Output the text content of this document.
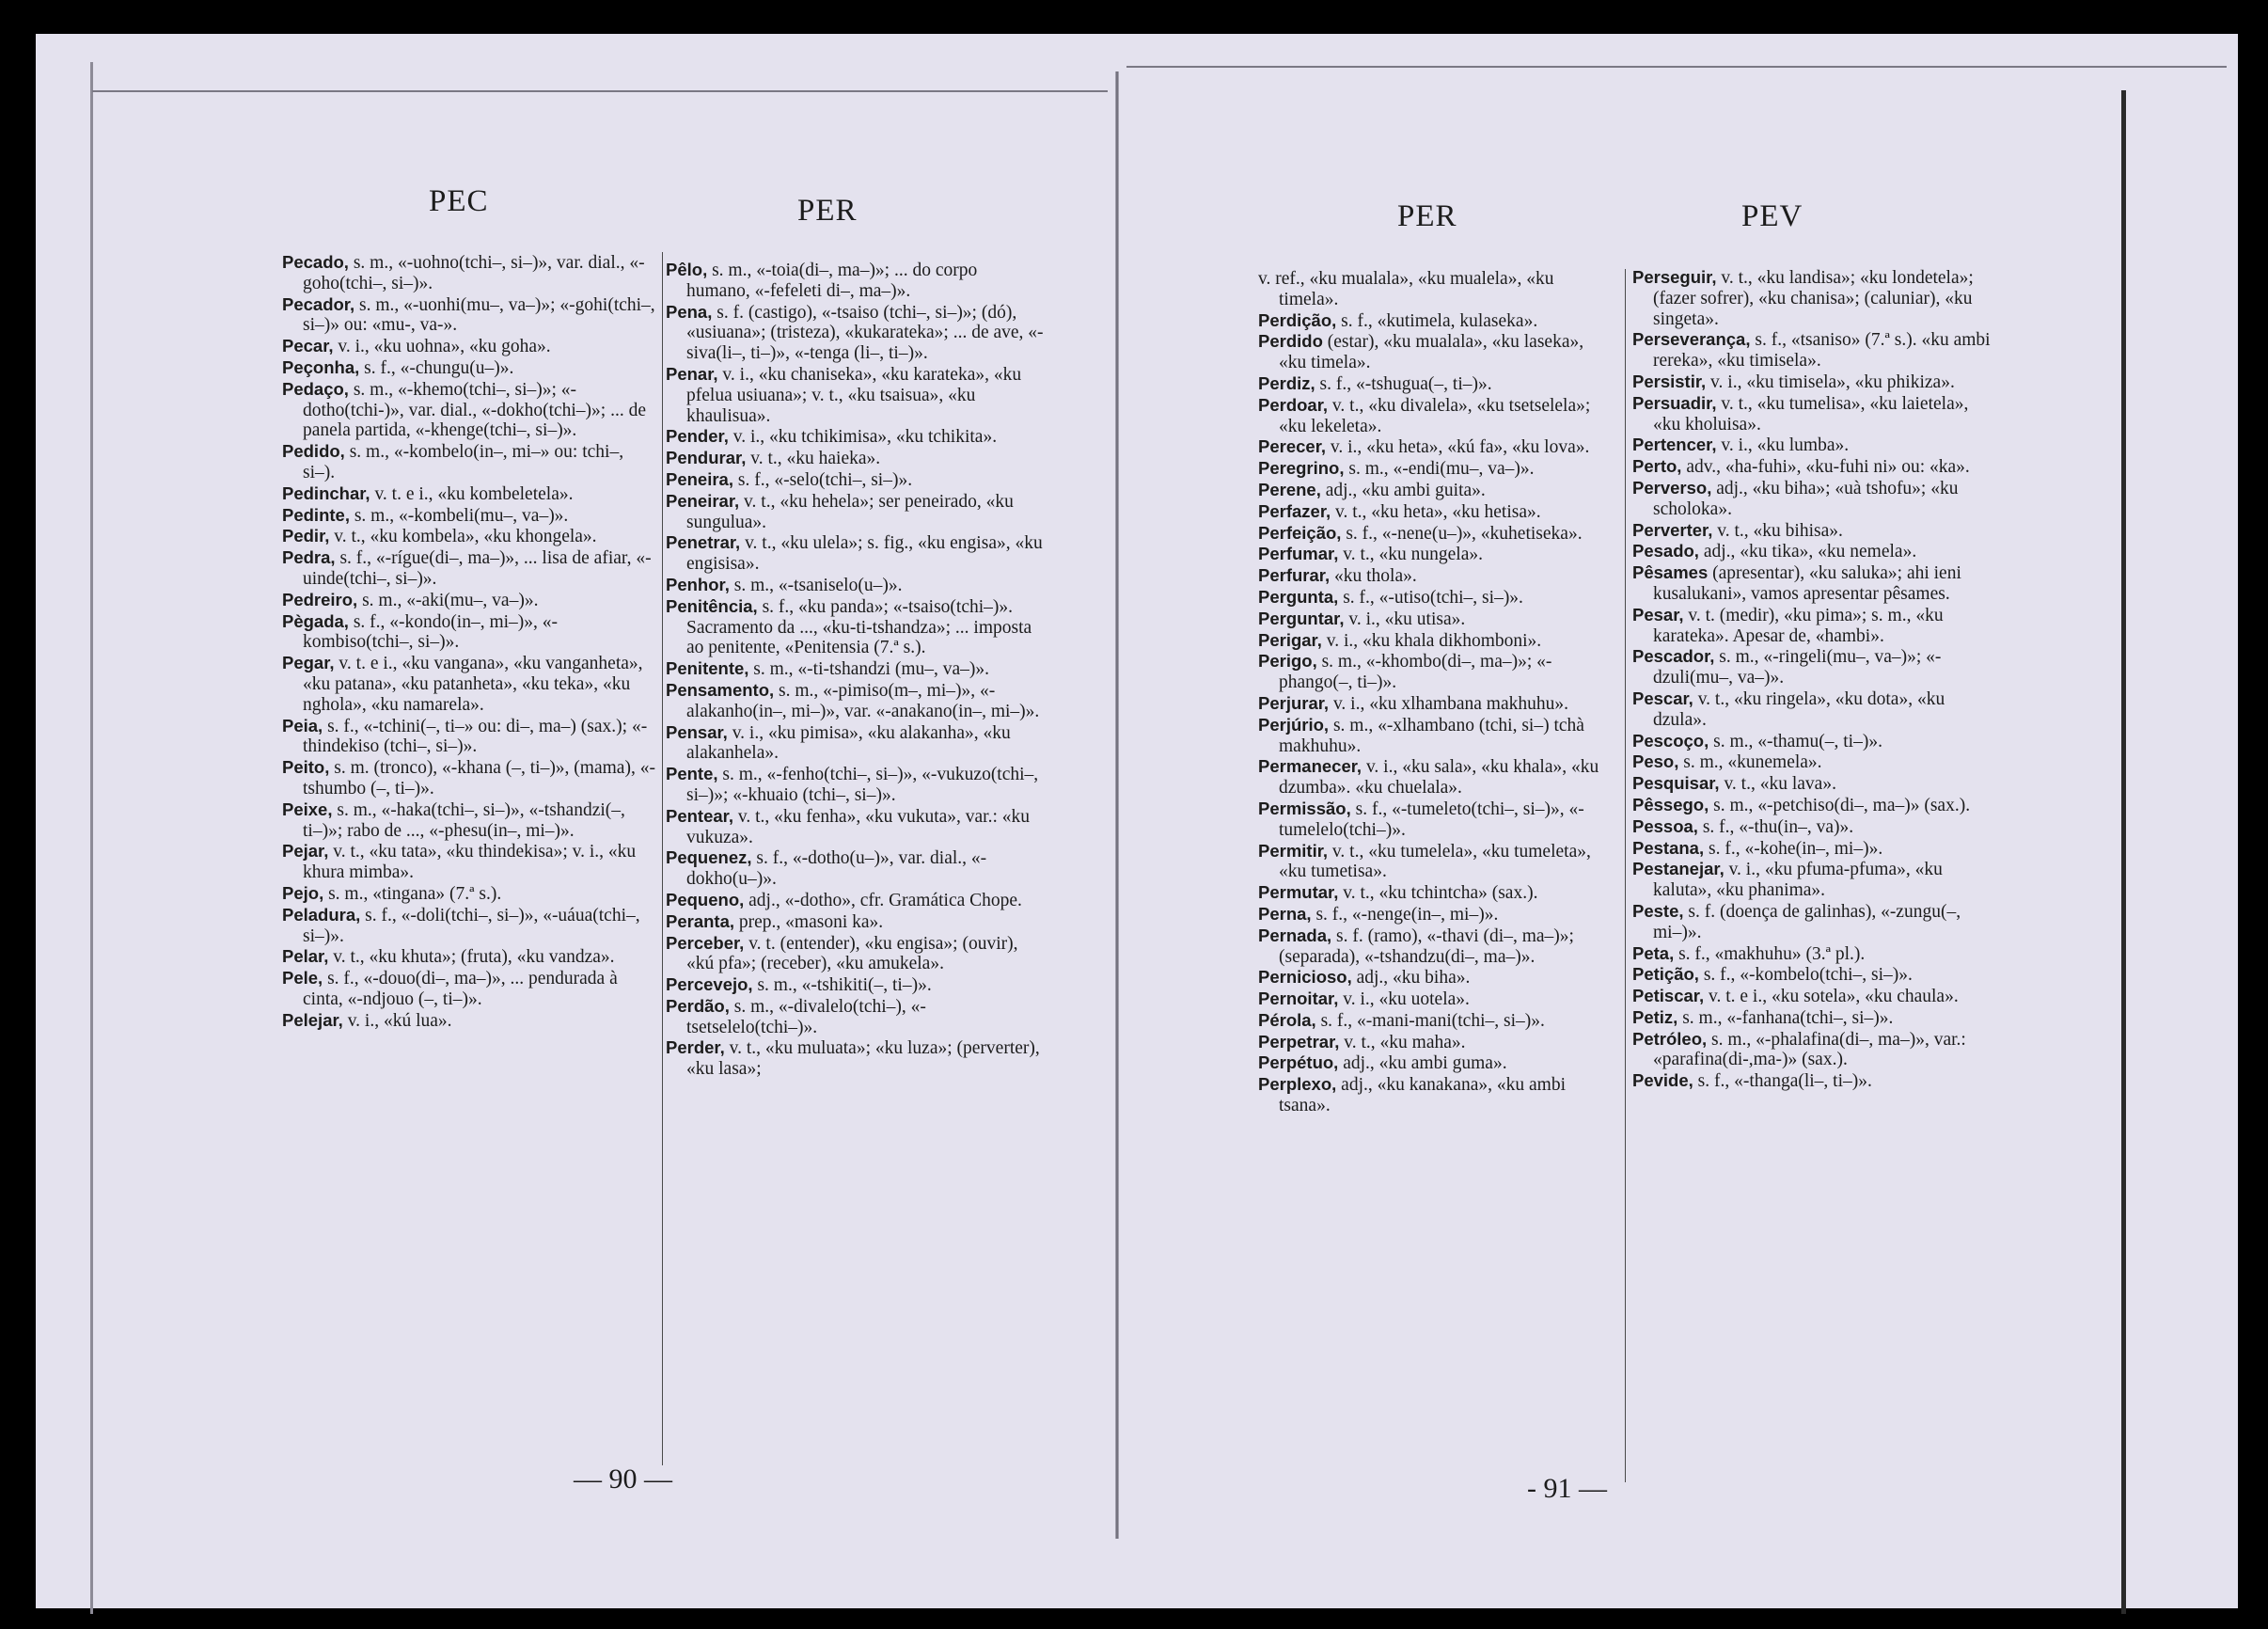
PEC	PER

Pecado, s. m., «-uohno(tchi–, si–)», var. dial., «-goho(tchi–, si–)».

Pecador, s. m., «-uonhi(mu–, va–)»; «-gohi(tchi–, si–)» ou: «mu-, va-».

Pecar, v. i., «ku uohna», «ku goha».

Peçonha, s. f., «-chungu(u–)».

Pedaço, s. m., «-khemo(tchi–, si–)»; «-dotho(tchi-)», var. dial., «-dokho(tchi–)»; ... de panela partida, «-khenge(tchi–, si–)».

Pedido, s. m., «-kombelo(in–, mi–» ou: tchi–, si–).

Pedinchar, v. t. e i., «ku kombeletela».

Pedinte, s. m., «-kombeli(mu–, va–)».

Pedir, v. t., «ku kombela», «ku khongela».

Pedra, s. f., «-rígue(di–, ma–)», ... lisa de afiar, «-uinde(tchi–, si–)».

Pedreiro, s. m., «-aki(mu–, va–)».

Pègada, s. f., «-kondo(in–, mi–)», «-kombiso(tchi–, si–)».

Pegar, v. t. e i., «ku vangana», «ku vanganheta», «ku patana», «ku patanheta», «ku teka», «ku nghola», «ku namarela».

Peia, s. f., «-tchini(–, ti–» ou: di–, ma–) (sax.); «-thindekiso (tchi–, si–)».

Peito, s. m. (tronco), «-khana (–, ti–)», (mama), «-tshumbo (–, ti–)».

Peixe, s. m., «-haka(tchi–, si–)», «-tshandzi(–, ti–)»; rabo de ..., «-phesu(in–, mi–)».

Pejar, v. t., «ku tata», «ku thindekisa»; v. i., «ku khura mimba».

Pejo, s. m., «tingana» (7.ª s.).

Peladura, s. f., «-doli(tchi–, si–)», «-uáua(tchi–, si–)».

Pelar, v. t., «ku khuta»; (fruta), «ku vandza».

Pele, s. f., «-douo(di–, ma–)», ... pendurada à cinta, «-ndjouo (–, ti–)».

Pelejar, v. i., «kú lua».

Pêlo, s. m., «-toia(di–, ma–)»; ... do corpo humano, «-fefeleti di–, ma–)».

Pena, s. f. (castigo), «-tsaiso (tchi–, si–)»; (dó), «usiuana»; (tristeza), «kukarateka»; ... de ave, «-siva(li–, ti–)», «-tenga (li–, ti–)».

Penar, v. i., «ku chaniseka», «ku karateka», «ku pfelua usiuana»; v. t., «ku tsaisua», «ku khaulisua».

Pender, v. i., «ku tchikimisa», «ku tchikita».

Pendurar, v. t., «ku haieka».

Peneira, s. f., «-selo(tchi–, si–)».

Peneirar, v. t., «ku hehela»; ser peneirado, «ku sungulua».

Penetrar, v. t., «ku ulela»; s. fig., «ku engisa», «ku engisisa».

Penhor, s. m., «-tsaniselo(u–)».

Penitência, s. f., «ku panda»; «-tsaiso(tchi–)». Sacramento da ..., «ku-ti-tshandza»; ... imposta ao penitente, «Penitensia (7.ª s.).

Penitente, s. m., «-ti-tshandzi (mu–, va–)».

Pensamento, s. m., «-pimiso(m–, mi–)», «-alakanho(in–, mi–)», var. «-anakano(in–, mi–)».

Pensar, v. i., «ku pimisa», «ku alakanha», «ku alakanhela».

Pente, s. m., «-fenho(tchi–, si–)», «-vukuzo(tchi–, si–)»; «-khuaio (tchi–, si–)».

Pentear, v. t., «ku fenha», «ku vukuta», var.: «ku vukuza».

Pequenez, s. f., «-dotho(u–)», var. dial., «-dokho(u–)».

Pequeno, adj., «-dotho», cfr. Gramática Chope.

Peranta, prep., «masoni ka».

Perceber, v. t. (entender), «ku engisa»; (ouvir), «kú pfa»; (receber), «ku amukela».

Percevejo, s. m., «-tshikiti(–, ti–)».

Perdão, s. m., «-divalelo(tchi–), «-tsetselelo(tchi–)».

Perder, v. t., «ku muluata»; «ku luza»; (perverter), «ku lasa»;

— 90 —
PER	PEV

v. ref., «ku mualala», «ku mualela», «ku timela».

Perdição, s. f., «kutimela, kulaseka».

Perdido (estar), «ku mualala», «ku laseka», «ku timela».

Perdiz, s. f., «-tshugua(–, ti–)».

Perdoar, v. t., «ku divalela», «ku tsetselela»; «ku lekeleta».

Perecer, v. i., «ku heta», «kú fa», «ku lova».

Peregrino, s. m., «-endi(mu–, va–)».

Perene, adj., «ku ambi guita».

Perfazer, v. t., «ku heta», «ku hetisa».

Perfeição, s. f., «-nene(u–)», «kuhetiseka».

Perfumar, v. t., «ku nungela».

Perfurar, «ku thola».

Pergunta, s. f., «-utiso(tchi–, si–)».

Perguntar, v. i., «ku utisa».

Perigar, v. i., «ku khala dikhomboni».

Perigo, s. m., «-khombo(di–, ma–)»; «-phango(–, ti–)».

Perjurar, v. i., «ku xlhambana makhuhu».

Perjúrio, s. m., «-xlhambano (tchi, si–) tchà makhuhu».

Permanecer, v. i., «ku sala», «ku khala», «ku dzumba». «ku chuelala».

Permissão, s. f., «-tumeleto(tchi–, si–)», «-tumelelo(tchi–)».

Permitir, v. t., «ku tumelela», «ku tumeleta», «ku tumetisa».

Permutar, v. t., «ku tchintcha» (sax.).

Perna, s. f., «-nenge(in–, mi–)».

Pernada, s. f. (ramo), «-thavi (di–, ma–)»; (separada), «-tshandzu(di–, ma–)».

Pernicioso, adj., «ku biha».

Pernoitar, v. i., «ku uotela».

Pérola, s. f., «-mani-mani(tchi–, si–)».

Perpetrar, v. t., «ku maha».

Perpétuo, adj., «ku ambi guma».

Perplexo, adj., «ku kanakana», «ku ambi tsana».

Perseguir, v. t., «ku landisa»; «ku londetela»; (fazer sofrer), «ku chanisa»; (caluniar), «ku singeta».

Perseverança, s. f., «tsaniso» (7.ª s.). «ku ambi rereka», «ku timisela».

Persistir, v. i., «ku timisela», «ku phikiza».

Persuadir, v. t., «ku tumelisa», «ku laietela», «ku kholuisa».

Pertencer, v. i., «ku lumba».

Perto, adv., «ha-fuhi», «ku-fuhi ni» ou: «ka».

Perverso, adj., «ku biha»; «uà tshofu»; «ku scholoka».

Perverter, v. t., «ku bihisa».

Pesado, adj., «ku tika», «ku nemela».

Pêsames (apresentar), «ku saluka»; ahi ieni kusalukani», vamos apresentar pêsames.

Pesar, v. t. (medir), «ku pima»; s. m., «ku karateka». Apesar de, «hambi».

Pescador, s. m., «-ringeli(mu–, va–)»; «-dzuli(mu–, va–)».

Pescar, v. t., «ku ringela», «ku dota», «ku dzula».

Pescoço, s. m., «-thamu(–, ti–)».

Peso, s. m., «kunemela».

Pesquisar, v. t., «ku lava».

Pêssego, s. m., «-petchiso(di–, ma–)» (sax.).

Pessoa, s. f., «-thu(in–, va)».

Pestana, s. f., «-kohe(in–, mi–)».

Pestanejar, v. i., «ku pfuma-pfuma», «ku kaluta», «ku phanima».

Peste, s. f. (doença de galinhas), «-zungu(–, mi–)».

Peta, s. f., «makhuhu» (3.ª pl.).

Petição, s. f., «-kombelo(tchi–, si–)».

Petiscar, v. t. e i., «ku sotela», «ku chaula».

Petiz, s. m., «-fanhana(tchi–, si–)».

Petróleo, s. m., «-phalafina(di–, ma–)», var.: «parafina(di-,ma-)» (sax.).

Pevide, s. f., «-thanga(li–, ti–)».

- 91 —
